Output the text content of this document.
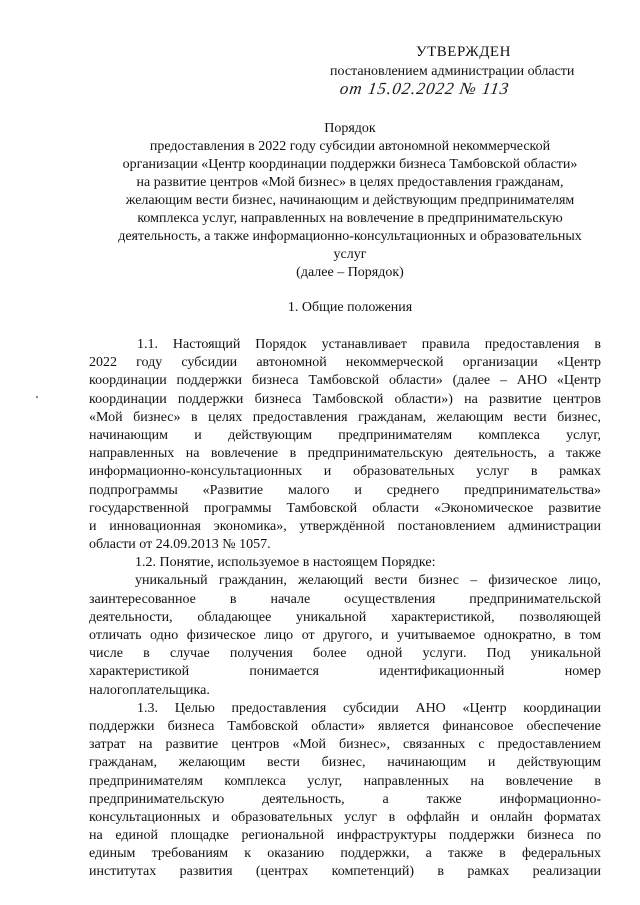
УТВЕРЖДЕН
постановлением администрации области
от 15.02.2022 № 113
Порядок
предоставления в 2022 году субсидии автономной некоммерческой
организации «Центр координации поддержки бизнеса Тамбовской области»
на развитие центров «Мой бизнес» в целях предоставления гражданам,
желающим вести бизнес, начинающим и действующим предпринимателям
комплекса услуг, направленных на вовлечение в предпринимательскую
деятельность, а также информационно-консультационных и образовательных
услуг
(далее – Порядок)
1. Общие положения
1.1. Настоящий Порядок устанавливает правила предоставления в
2022 году субсидии автономной некоммерческой организации «Центр
координации поддержки бизнеса Тамбовской области» (далее – АНО «Центр
координации поддержки бизнеса Тамбовской области») на развитие центров
«Мой бизнес» в целях предоставления гражданам, желающим вести бизнес,
начинающим и действующим предпринимателям комплекса услуг,
направленных на вовлечение в предпринимательскую деятельность, а также
информационно-консультационных и образовательных услуг в рамках
подпрограммы «Развитие малого и среднего предпринимательства»
государственной программы Тамбовской области «Экономическое развитие
и инновационная экономика», утверждённой постановлением администрации
области от 24.09.2013 № 1057.
1.2. Понятие, используемое в настоящем Порядке:
уникальный гражданин, желающий вести бизнес – физическое лицо,
заинтересованное в начале осуществления предпринимательской
деятельности, обладающее уникальной характеристикой, позволяющей
отличать одно физическое лицо от другого, и учитываемое однократно, в том
числе в случае получения более одной услуги. Под уникальной
характеристикой понимается идентификационный номер
налогоплательщика.
1.3. Целью предоставления субсидии АНО «Центр координации
поддержки бизнеса Тамбовской области» является финансовое обеспечение
затрат на развитие центров «Мой бизнес», связанных с предоставлением
гражданам, желающим вести бизнес, начинающим и действующим
предпринимателям комплекса услуг, направленных на вовлечение в
предпринимательскую деятельность, а также информационно-
консультационных и образовательных услуг в оффлайн и онлайн форматах
на единой площадке региональной инфраструктуры поддержки бизнеса по
единым требованиям к оказанию поддержки, а также в федеральных
институтах развития (центрах компетенций) в рамках реализации
